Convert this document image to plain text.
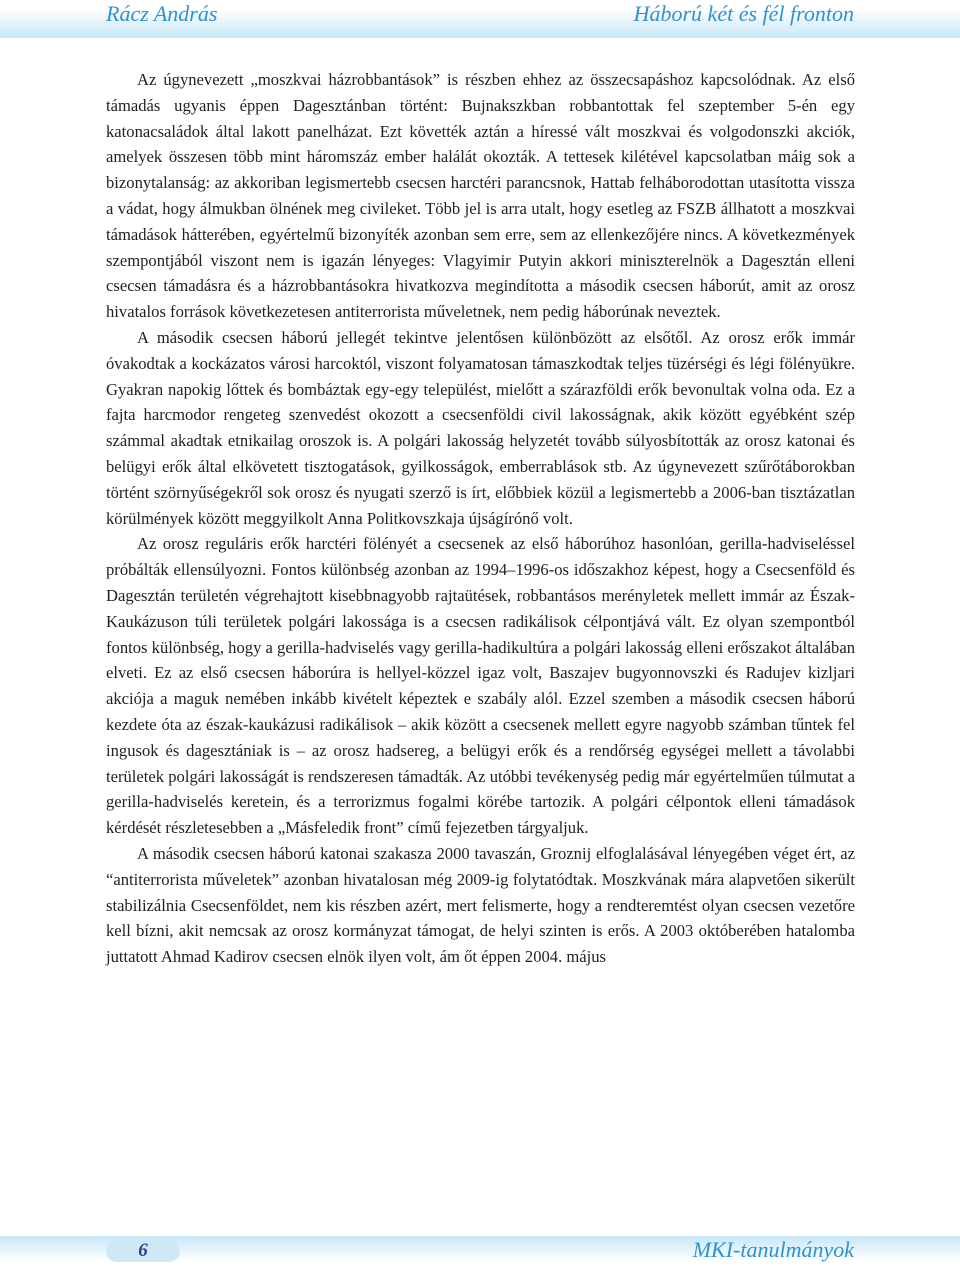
Rácz András	Háború két és fél fronton

Az úgynevezett „moszkvai házrobbantások” is részben ehhez az összecsapáshoz kapcsolódnak. Az első támadás ugyanis éppen Dagesztánban történt: Bujnakszkban robbantottak fel szeptember 5-én egy katonacsaládok által lakott panelházat. Ezt követték aztán a híressé vált moszkvai és volgodonszki akciók, amelyek összesen több mint háromszáz ember halálát okozták. A tettesek kilétével kapcsolatban máig sok a bizonytalanság: az akkoriban legismertebb csecsen harctéri parancsnok, Hattab felháborodottan utasította vissza a vádat, hogy álmukban ölnének meg civileket. Több jel is arra utalt, hogy esetleg az FSZB állhatott a moszkvai támadások hátterében, egyértelmű bizonyíték azonban sem erre, sem az ellenkezőjére nincs. A következmények szempontjából viszont nem is igazán lényeges: Vlagyimir Putyin akkori miniszterelnök a Dagesztán elleni csecsen támadásra és a házrobbantásokra hivatkozva megindította a második csecsen háborút, amit az orosz hivatalos források következetesen antiterrorista műveletnek, nem pedig háborúnak neveztek.

A második csecsen háború jellegét tekintve jelentősen különbözött az elsőtől. Az orosz erők immár óvakodtak a kockázatos városi harcoktól, viszont folyamatosan támaszkodtak teljes tüzérségi és légi fölényükre. Gyakran napokig lőttek és bombáztak egy-egy települést, mielőtt a szárazföldi erők bevonultak volna oda. Ez a fajta harcmodor rengeteg szenvedést okozott a csecsenföldi civil lakosságnak, akik között egyébként szép számmal akadtak etnikailag oroszok is. A polgári lakosság helyzetét tovább súlyosbították az orosz katonai és belügyi erők által elkövetett tisztogatások, gyilkosságok, emberrablások stb. Az úgynevezett szűrőtáborokban történt szörnyűségekről sok orosz és nyugati szerző is írt, előbbiek közül a legismertebb a 2006-ban tisztázatlan körülmények között meggyilkolt Anna Politkovszkaja újságírónő volt.

Az orosz reguláris erők harctéri fölényét a csecsenek az első háborúhoz hasonlóan, gerilla-hadviseléssel próbálták ellensúlyozni. Fontos különbség azonban az 1994–1996-os időszakhoz képest, hogy a Csecsenföld és Dagesztán területén végrehajtott kisebbnagyobb rajtaütések, robbantásos merényletek mellett immár az Észak-Kaukázuson túli területek polgári lakossága is a csecsen radikálisok célpontjává vált. Ez olyan szempontból fontos különbség, hogy a gerilla-hadviselés vagy gerilla-hadikultúra a polgári lakosság elleni erőszakot általában elveti. Ez az első csecsen háborúra is hellyel-közzel igaz volt, Baszajev bugyonnovszki és Radujev kizljari akciója a maguk nemében inkább kivételt képeztek e szabály alól. Ezzel szemben a második csecsen háború kezdete óta az észak-kaukázusi radikálisok – akik között a csecsenek mellett egyre nagyobb számban tűntek fel ingusok és dagesztániak is – az orosz hadsereg, a belügyi erők és a rendőrség egységei mellett a távolabbi területek polgári lakosságát is rendszeresen támadták. Az utóbbi tevékenység pedig már egyértelműen túlmutat a gerilla-hadviselés keretein, és a terrorizmus fogalmi körébe tartozik. A polgári célpontok elleni támadások kérdését részletesebben a „Másfeledik front” című fejezetben tárgyaljuk.

A második csecsen háború katonai szakasza 2000 tavaszán, Groznij elfoglalásával lényegében véget ért, az “antiterrorista műveletek” azonban hivatalosan még 2009-ig folytatódtak. Moszkvának mára alapvetően sikerült stabilizálnia Csecsenföldet, nem kis részben azért, mert felismerte, hogy a rendteremtést olyan csecsen vezetőre kell bízni, akit nemcsak az orosz kormányzat támogat, de helyi szinten is erős. A 2003 októberében hatalomba juttatott Ahmad Kadirov csecsen elnök ilyen volt, ám őt éppen 2004. május

6	MKI-tanulmányok
